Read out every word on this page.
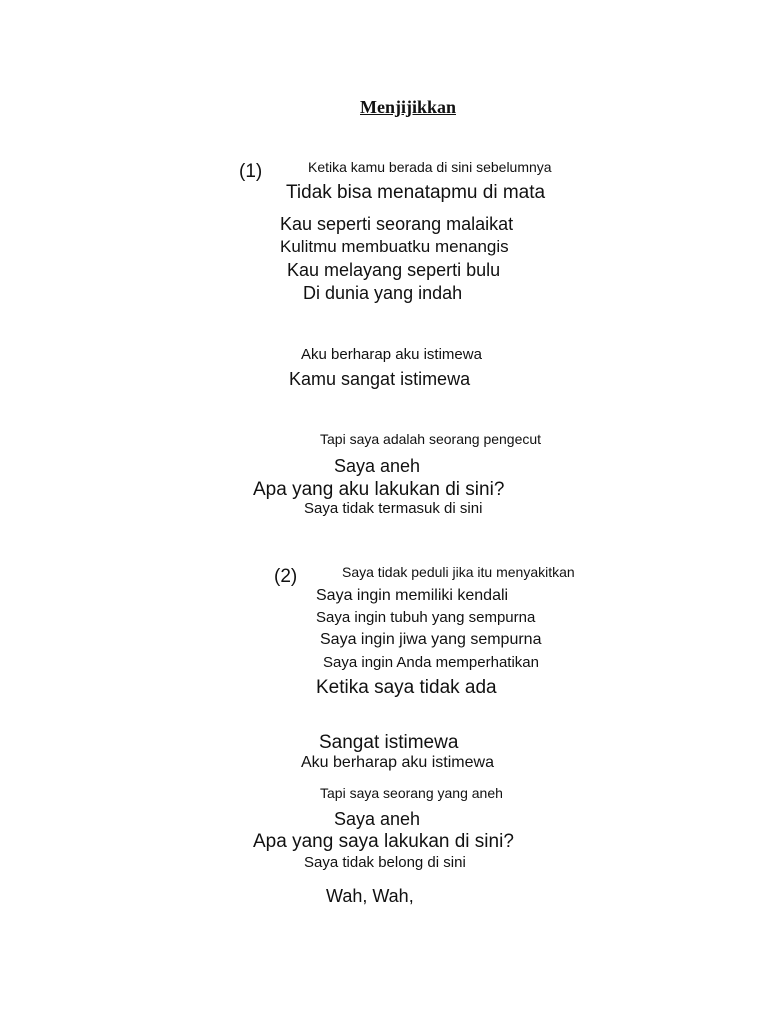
Menjijikkan
(1)	Ketika kamu berada di sini sebelumnya
Tidak bisa menatapmu di mata
Kau seperti seorang malaikat
Kulitmu membuatku menangis
Kau melayang seperti bulu
Di dunia yang indah
Aku berharap aku istimewa
Kamu sangat istimewa
Tapi saya adalah seorang pengecut
Saya aneh
Apa yang aku lakukan di sini?
Saya tidak termasuk di sini
(2)	Saya tidak peduli jika itu menyakitkan
Saya ingin memiliki kendali
Saya ingin tubuh yang sempurna
Saya ingin jiwa yang sempurna
Saya ingin Anda memperhatikan
Ketika saya tidak ada
Sangat istimewa
Aku berharap aku istimewa
Tapi saya seorang yang aneh
Saya aneh
Apa yang saya lakukan di sini?
Saya tidak belong di sini
Wah, Wah,
